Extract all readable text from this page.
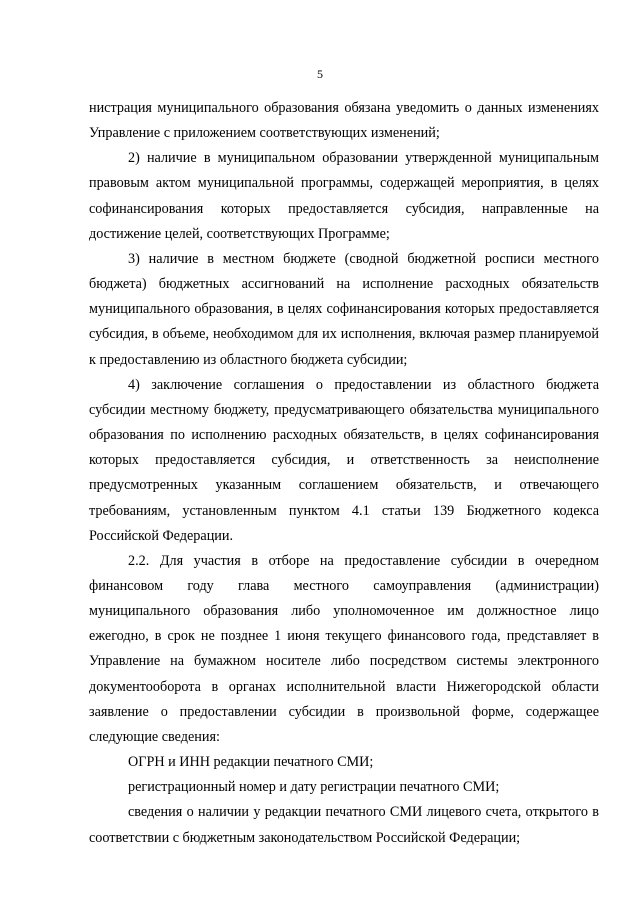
5

нистрация муниципального образования обязана уведомить о данных изменениях Управление с приложением соответствующих изменений;

2) наличие в муниципальном образовании утвержденной муниципальным правовым актом муниципальной программы, содержащей мероприятия, в целях софинансирования которых предоставляется субсидия, направленные на достижение целей, соответствующих Программе;

3) наличие в местном бюджете (сводной бюджетной росписи местного бюджета) бюджетных ассигнований на исполнение расходных обязательств муниципального образования, в целях софинансирования которых предоставляется субсидия, в объеме, необходимом для их исполнения, включая размер планируемой к предоставлению из областного бюджета субсидии;

4) заключение соглашения о предоставлении из областного бюджета субсидии местному бюджету, предусматривающего обязательства муниципального образования по исполнению расходных обязательств, в целях софинансирования которых предоставляется субсидия, и ответственность за неисполнение предусмотренных указанным соглашением обязательств, и отвечающего требованиям, установленным пунктом 4.1 статьи 139 Бюджетного кодекса Российской Федерации.

2.2. Для участия в отборе на предоставление субсидии в очередном финансовом году глава местного самоуправления (администрации) муниципального образования либо уполномоченное им должностное лицо ежегодно, в срок не позднее 1 июня текущего финансового года, представляет в Управление на бумажном носителе либо посредством системы электронного документооборота в органах исполнительной власти Нижегородской области заявление о предоставлении субсидии в произвольной форме, содержащее следующие сведения:

ОГРН и ИНН редакции печатного СМИ;

регистрационный номер и дату регистрации печатного СМИ;

сведения о наличии у редакции печатного СМИ лицевого счета, открытого в соответствии с бюджетным законодательством Российской Федерации;
